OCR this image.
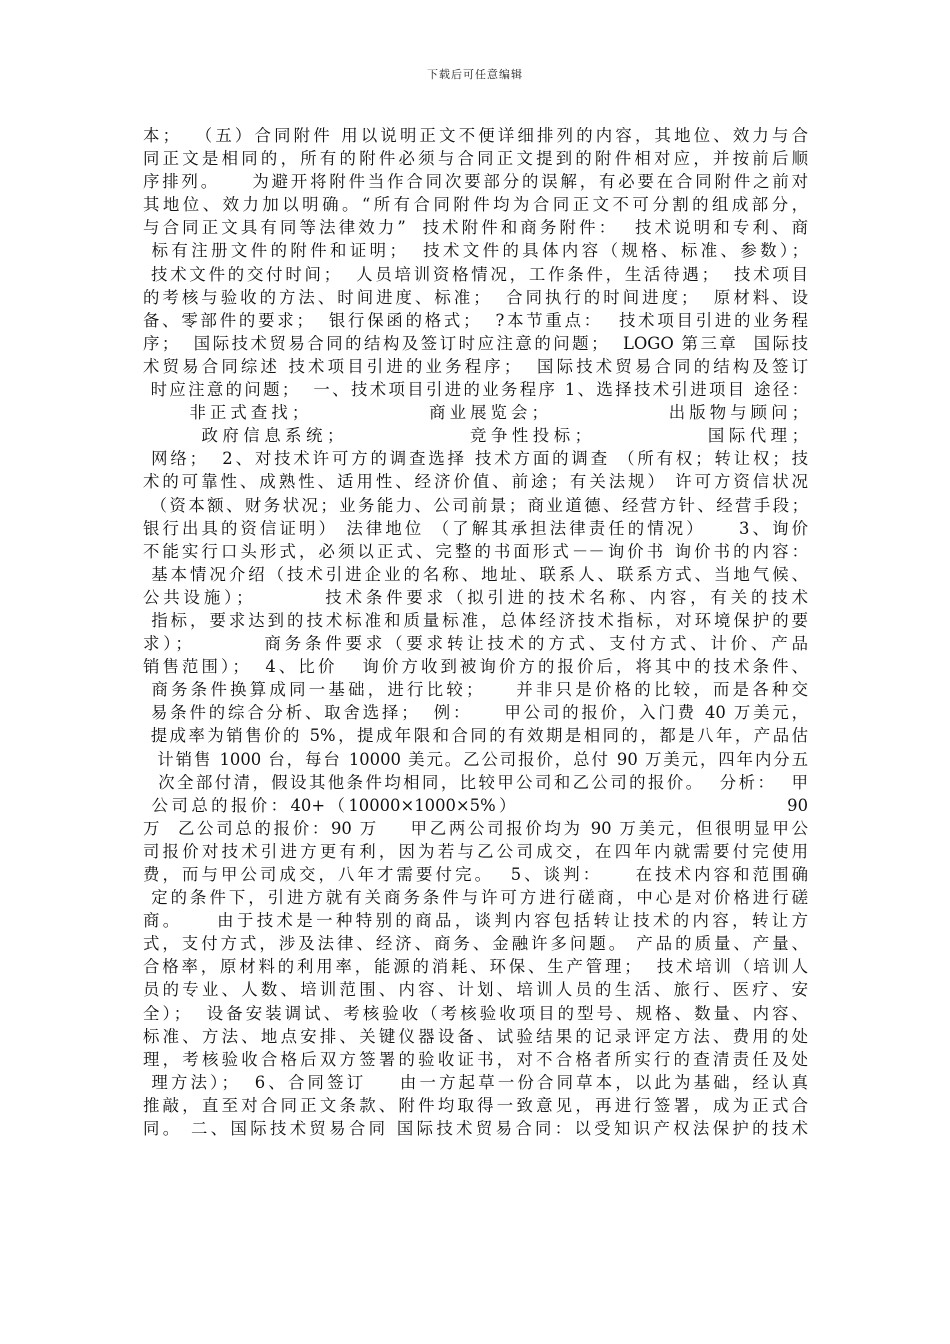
下载后可任意编辑
本；  （五）合同附件 用以说明正文不便详细排列的内容，其地位、效力与合
同正文是相同的，所有的附件必须与合同正文提到的附件相对应，并按前后顺
序排列。    为避开将附件当作合同次要部分的误解，有必要在合同附件之前对
其地位、效力加以明确。“所有合同附件均为合同正文不可分割的组成部分，
与合同正文具有同等法律效力”  技术附件和商务附件：  技术说明和专利、商
标有注册文件的附件和证明；  技术文件的具体内容（规格、标准、参数）；
技术文件的交付时间；  人员培训资格情况，工作条件，生活待遇；  技术项目
的考核与验收的方法、时间进度、标准；  合同执行的时间进度；  原材料、设
备、零部件的要求；  银行保函的格式；  ?本节重点：  技术项目引进的业务程
序；  国际技术贸易合同的结构及签订时应注意的问题；  LOGO 第三章  国际技
术贸易合同综述 技术项目引进的业务程序；  国际技术贸易合同的结构及签订
时应注意的问题；  一、技术项目引进的业务程序 1、选择技术引进项目 途径：
非正式查找；             商业展览会；             出版物与顾问；
政府信息系统；             竞争性投标；            国际代理；
网络；  2、对技术许可方的调查选择 技术方面的调查 （所有权；转让权；技
术的可靠性、成熟性、适用性、经济价值、前途；有关法规） 许可方资信状况
（资本额、财务状况；业务能力、公司前景；商业道德、经营方针、经营手段；
银行出具的资信证明） 法律地位 （了解其承担法律责任的情况）    3、询价
不能实行口头形式，必须以正式、完整的书面形式－－询价书 询价书的内容：
基本情况介绍（技术引进企业的名称、地址、联系人、联系方式、当地气候、
公共设施）；        技术条件要求（拟引进的技术名称、内容，有关的技术
指标，要求达到的技术标准和质量标准，总体经济技术指标，对环境保护的要
求）；        商务条件要求（要求转让技术的方式、支付方式、计价、产品
销售范围）；  4、比价   询价方收到被询价方的报价后，将其中的技术条件、
商务条件换算成同一基础，进行比较；    并非只是价格的比较，而是各种交
易条件的综合分析、取舍选择；  例：    甲公司的报价，入门费 40 万美元，
提成率为销售价的 5%，提成年限和合同的有效期是相同的，都是八年，产品估
计销售 1000 台，每台 10000 美元。乙公司报价，总付 90 万美元，四年内分五
次全部付清，假设其他条件均相同，比较甲公司和乙公司的报价。  分析：  甲
公司总的报价：40+（10000×1000×5%）                               90
万  乙公司总的报价：90 万    甲乙两公司报价均为 90 万美元，但很明显甲公
司报价对技术引进方更有利，因为若与乙公司成交，在四年内就需要付完使用
费，而与甲公司成交，八年才需要付完。  5、谈判：    在技术内容和范围确
定的条件下，引进方就有关商务条件与许可方进行磋商，中心是对价格进行磋
商。    由于技术是一种特别的商品，谈判内容包括转让技术的内容，转让方
式，支付方式，涉及法律、经济、商务、金融许多问题。 产品的质量、产量、
合格率，原材料的利用率，能源的消耗、环保、生产管理；  技术培训（培训人
员的专业、人数、培训范围、内容、计划、培训人员的生活、旅行、医疗、安
全）；  设备安装调试、考核验收（考核验收项目的型号、规格、数量、内容、
标准、方法、地点安排、关键仪器设备、试验结果的记录评定方法、费用的处
理，考核验收合格后双方签署的验收证书，对不合格者所实行的查清责任及处
理方法）；  6、合同签订    由一方起草一份合同草本，以此为基础，经认真
推敲，直至对合同正文条款、附件均取得一致意见，再进行签署，成为正式合
同。 二、国际技术贸易合同 国际技术贸易合同：以受知识产权法保护的技术
